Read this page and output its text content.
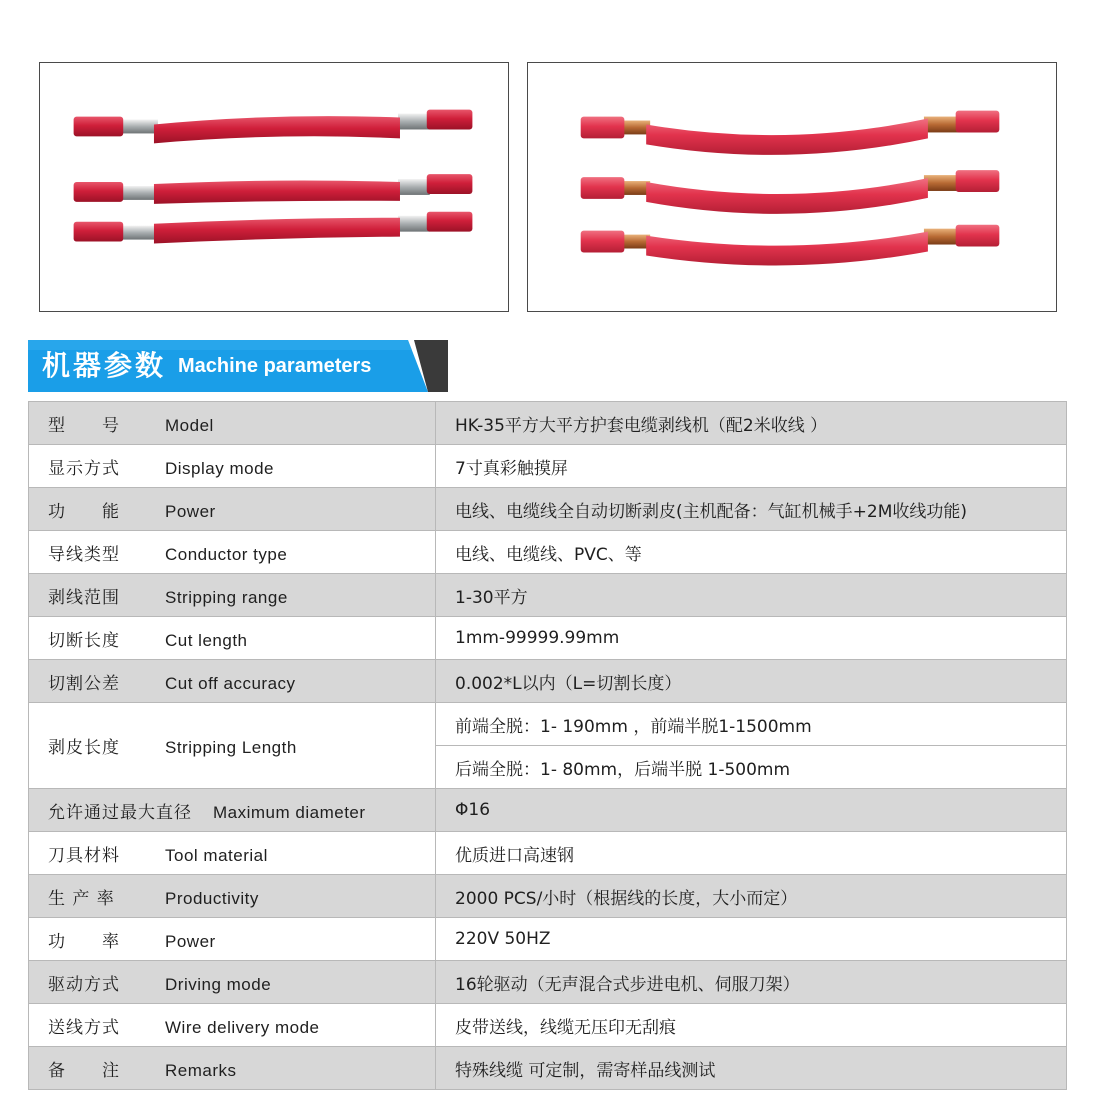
机器参数 Machine parameters
型　　号 Model	HK-35平方大平方护套电缆剥线机（配2米收线 ）
显示方式 Display mode	7寸真彩触摸屏
功　　能 Power	电线、电缆线全自动切断剥皮(主机配备：气缸机械手+2M收线功能)
导线类型 Conductor type	电线、电缆线、PVC、等
剥线范围 Stripping range	1-30平方
切断长度 Cut length	1mm-99999.99mm
切割公差 Cut off accuracy	0.002*L以内（L=切割长度）
剥皮长度 Stripping Length	前端全脱：1- 190mm ，前端半脱1-1500mm
	后端全脱：1- 80mm，后端半脱 1-500mm
允许通过最大直径 Maximum diameter	Φ16
刀具材料 Tool material	优质进口高速钢
生 产 率 Productivity	2000 PCS/小时（根据线的长度，大小而定）
功　　率 Power	220V 50HZ
驱动方式 Driving mode	16轮驱动（无声混合式步进电机、伺服刀架）
送线方式 Wire delivery mode	皮带送线，线缆无压印无刮痕
备　　注 Remarks	特殊线缆 可定制，需寄样品线测试
